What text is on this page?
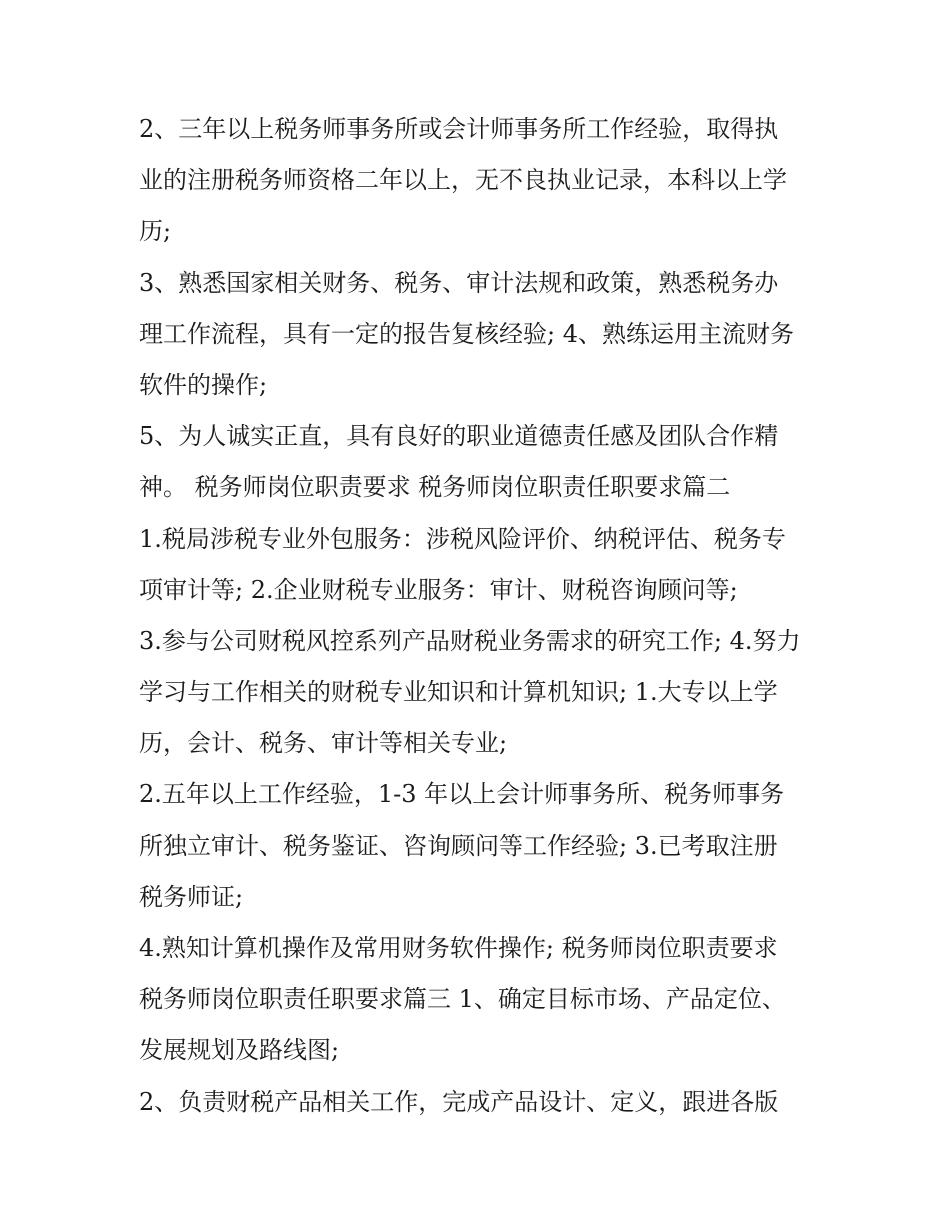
2、三年以上税务师事务所或会计师事务所工作经验，取得执
业的注册税务师资格二年以上，无不良执业记录，本科以上学
历;
3、熟悉国家相关财务、税务、审计法规和政策，熟悉税务办
理工作流程，具有一定的报告复核经验; 4、熟练运用主流财务
软件的操作;
5、为人诚实正直，具有良好的职业道德责任感及团队合作精
神。 税务师岗位职责要求 税务师岗位职责任职要求篇二
1.税局涉税专业外包服务：涉税风险评价、纳税评估、税务专
项审计等; 2.企业财税专业服务：审计、财税咨询顾问等;
3.参与公司财税风控系列产品财税业务需求的研究工作; 4.努力
学习与工作相关的财税专业知识和计算机知识; 1.大专以上学
历，会计、税务、审计等相关专业;
2.五年以上工作经验，1-3 年以上会计师事务所、税务师事务
所独立审计、税务鉴证、咨询顾问等工作经验; 3.已考取注册
税务师证;
4.熟知计算机操作及常用财务软件操作; 税务师岗位职责要求
税务师岗位职责任职要求篇三 1、确定目标市场、产品定位、
发展规划及路线图;
2、负责财税产品相关工作，完成产品设计、定义，跟进各版
